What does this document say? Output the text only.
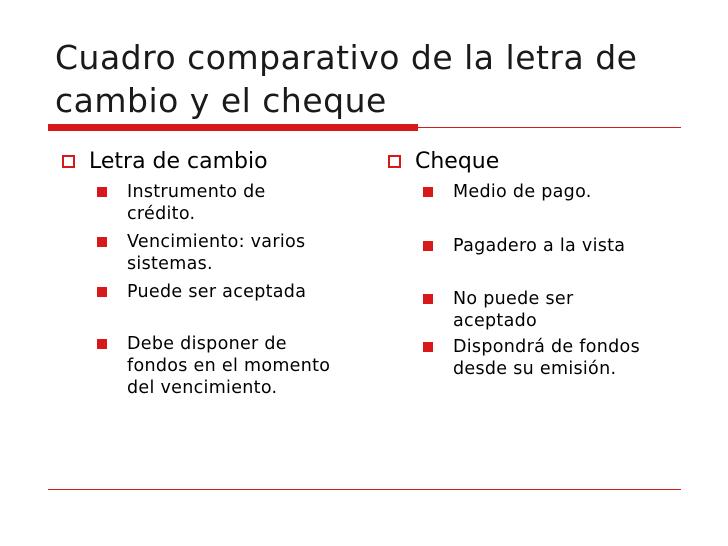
Cuadro comparativo de la letra de cambio y el cheque
Letra de cambio
Instrumento de crédito.
Vencimiento: varios sistemas.
Puede ser aceptada
Debe disponer de fondos en el momento del vencimiento.
Cheque
Medio de pago.
Pagadero a la vista
No puede ser aceptado
Dispondrá de fondos desde su emisión.
